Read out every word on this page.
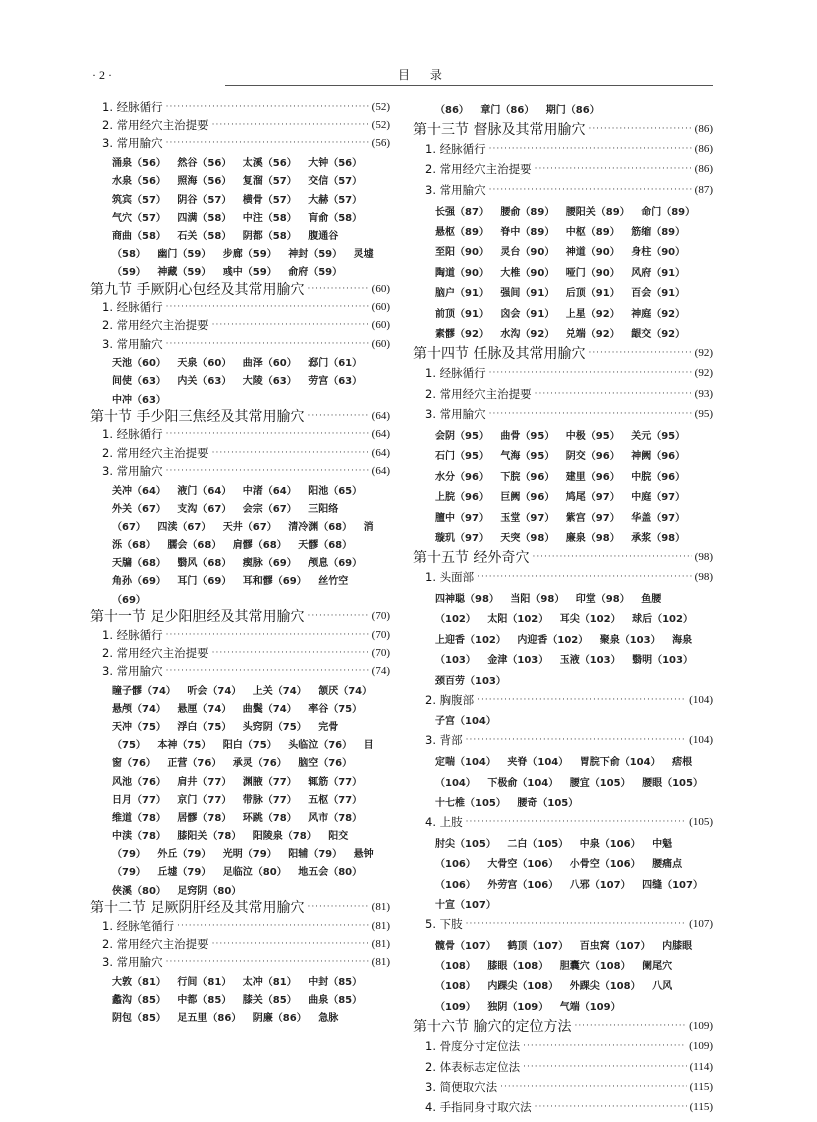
· 2 ·	目 录
1. 经脉循行 ·····	(52)
2. 常用经穴主治提要 ·····	(52)
3. 常用腧穴 ·····	(56)
涌泉（56） 然谷（56） 太溪（56） 大钟（56）
水泉（56） 照海（56） 复溜（57） 交信（57）
筑宾（57） 阴谷（57） 横骨（57） 大赫（57）
气穴（57） 四满（58） 中注（58） 肓俞（58）
商曲（58） 石关（58） 阴都（58） 腹通谷
（58） 幽门（59） 步廊（59） 神封（59） 灵墟
（59） 神藏（59） 彧中（59） 俞府（59）
第九节 手厥阴心包经及其常用腧穴 ·····	(60)
1. 经脉循行 ·····	(60)
2. 常用经穴主治提要 ·····	(60)
3. 常用腧穴 ·····	(60)
天池（60） 天泉（60） 曲泽（60） 郄门（61）
间使（63） 内关（63） 大陵（63） 劳宫（63）
中冲（63）
第十节 手少阳三焦经及其常用腧穴 ·····	(64)
1. 经脉循行 ·····	(64)
2. 常用经穴主治提要 ·····	(64)
3. 常用腧穴 ·····	(64)
关冲（64） 液门（64） 中渚（64） 阳池（65）
外关（67） 支沟（67） 会宗（67） 三阳络
（67） 四渎（67） 天井（67） 清冷渊（68） 消
泺（68） 臑会（68） 肩髎（68） 天髎（68）
天牖（68） 翳风（68） 瘈脉（69） 颅息（69）
角孙（69） 耳门（69） 耳和髎（69） 丝竹空
（69）
第十一节 足少阳胆经及其常用腧穴 ·····	(70)
1. 经脉循行 ·····	(70)
2. 常用经穴主治提要 ·····	(70)
3. 常用腧穴 ·····	(74)
瞳子髎（74） 听会（74） 上关（74） 颔厌（74）
悬颅（74） 悬厘（74） 曲鬓（74） 率谷（75）
天冲（75） 浮白（75） 头窍阴（75） 完骨
（75） 本神（75） 阳白（75） 头临泣（76） 目
窗（76） 正营（76） 承灵（76） 脑空（76）
风池（76） 肩井（77） 渊腋（77） 辄筋（77）
日月（77） 京门（77） 带脉（77） 五枢（77）
维道（78） 居髎（78） 环跳（78） 风市（78）
中渎（78） 膝阳关（78） 阳陵泉（78） 阳交
（79） 外丘（79） 光明（79） 阳辅（79） 悬钟
（79） 丘墟（79） 足临泣（80） 地五会（80）
侠溪（80） 足窍阴（80）
第十二节 足厥阴肝经及其常用腧穴 ·····	(81)
1. 经脉笔循行 ·····	(81)
2. 常用经穴主治提要 ·····	(81)
3. 常用腧穴 ·····	(81)
大敦（81） 行间（81） 太冲（81） 中封（85）
蠡沟（85） 中都（85） 膝关（85） 曲泉（85）
阴包（85） 足五里（86） 阴廉（86） 急脉
（86） 章门（86） 期门（86）
第十三节 督脉及其常用腧穴 ·····	(86)
1. 经脉循行 ·····	(86)
2. 常用经穴主治提要 ·····	(86)
3. 常用腧穴 ·····	(87)
长强（87） 腰俞（89） 腰阳关（89） 命门（89）
悬枢（89） 脊中（89） 中枢（89） 筋缩（89）
至阳（90） 灵台（90） 神道（90） 身柱（90）
陶道（90） 大椎（90） 哑门（90） 风府（91）
脑户（91） 强间（91） 后顶（91） 百会（91）
前顶（91） 囟会（91） 上星（92） 神庭（92）
素髎（92） 水沟（92） 兑端（92） 龈交（92）
第十四节 任脉及其常用腧穴 ·····	(92)
1. 经脉循行 ·····	(92)
2. 常用经穴主治提要 ·····	(93)
3. 常用腧穴 ·····	(95)
会阴（95） 曲骨（95） 中极（95） 关元（95）
石门（95） 气海（95） 阴交（96） 神阙（96）
水分（96） 下脘（96） 建里（96） 中脘（96）
上脘（96） 巨阙（96） 鸠尾（97） 中庭（97）
膻中（97） 玉堂（97） 紫宫（97） 华盖（97）
璇玑（97） 天突（98） 廉泉（98） 承浆（98）
第十五节 经外奇穴 ·····	(98)
1. 头面部 ·····	(98)
四神聪（98） 当阳（98） 印堂（98） 鱼腰
（102） 太阳（102） 耳尖（102） 球后（102）
上迎香（102） 内迎香（102） 聚泉（103） 海泉
（103） 金津（103） 玉液（103） 翳明（103）
颈百劳（103）
2. 胸腹部 ·····	(104)
子宫（104）
3. 背部 ·····	(104)
定喘（104） 夹脊（104） 胃脘下俞（104） 痞根
（104） 下极俞（104） 腰宜（105） 腰眼（105）
十七椎（105） 腰奇（105）
4. 上肢 ·····	(105)
肘尖（105） 二白（105） 中泉（106） 中魁
（106） 大骨空（106） 小骨空（106） 腰痛点
（106） 外劳宫（106） 八邪（107） 四缝（107）
十宣（107）
5. 下肢 ·····	(107)
髋骨（107） 鹤顶（107） 百虫窝（107） 内膝眼
（108） 膝眼（108） 胆囊穴（108） 阑尾穴
（108） 内踝尖（108） 外踝尖（108） 八风
（109） 独阴（109） 气端（109）
第十六节 腧穴的定位方法 ·····	(109)
1. 骨度分寸定位法 ·····	(109)
2. 体表标志定位法 ·····	(114)
3. 简便取穴法 ·····	(115)
4. 手指同身寸取穴法 ·····	(115)
